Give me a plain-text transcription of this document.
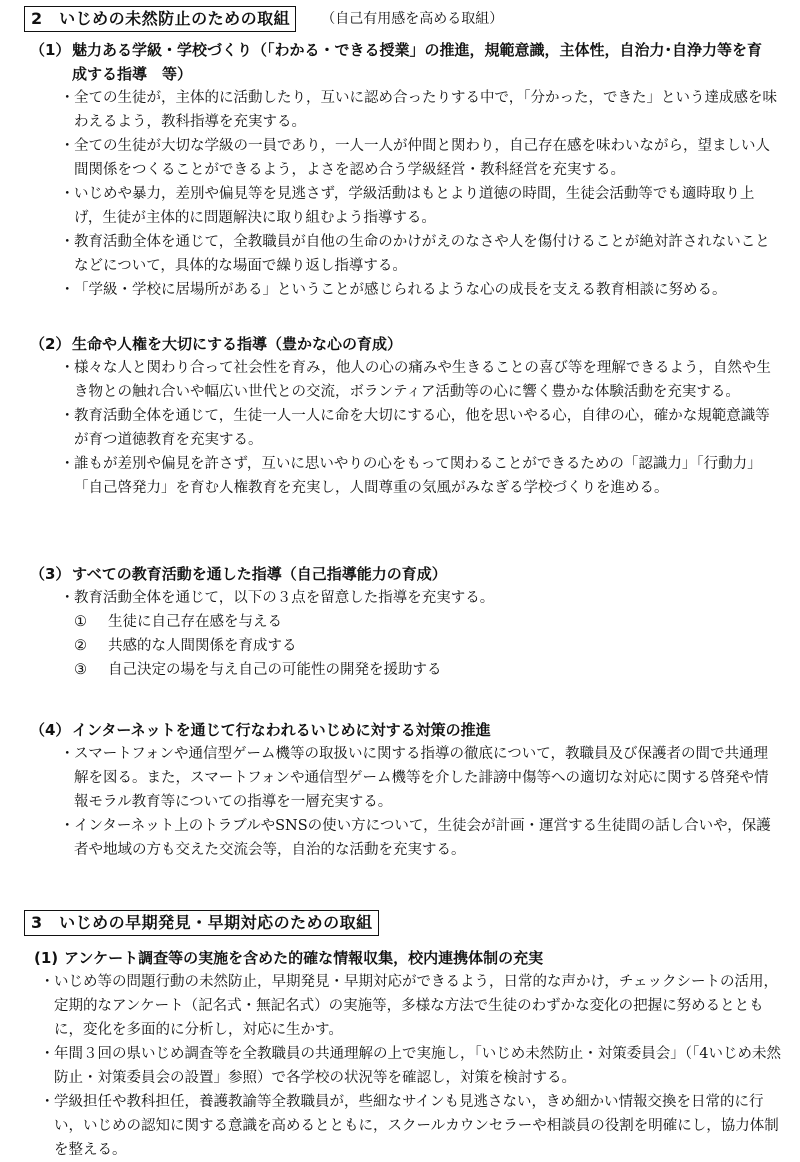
2　いじめの未然防止のための取組 （自己有用感を高める取組）
（1） 魅力ある学級・学校づくり（「わかる・できる授業」の推進，規範意識，主体性，自治力･自浄力等を育成する指導　等）
・ 全ての生徒が，主体的に活動したり，互いに認め合ったりする中で，「分かった，できた」という達成感を味わえるよう，教科指導を充実する。
・ 全ての生徒が大切な学級の一員であり，一人一人が仲間と関わり，自己存在感を味わいながら，望ましい人間関係をつくることができるよう，よさを認め合う学級経営・教科経営を充実する。
・ いじめや暴力，差別や偏見等を見逃さず，学級活動はもとより道徳の時間，生徒会活動等でも適時取り上げ，生徒が主体的に問題解決に取り組むよう指導する。
・ 教育活動全体を通じて，全教職員が自他の生命のかけがえのなさや人を傷付けることが絶対許されないことなどについて，具体的な場面で繰り返し指導する。
・ 「学級・学校に居場所がある」ということが感じられるような心の成長を支える教育相談に努める。
（2） 生命や人権を大切にする指導（豊かな心の育成）
・ 様々な人と関わり合って社会性を育み，他人の心の痛みや生きることの喜び等を理解できるよう，自然や生き物との触れ合いや幅広い世代との交流，ボランティア活動等の心に響く豊かな体験活動を充実する。
・ 教育活動全体を通じて，生徒一人一人に命を大切にする心，他を思いやる心，自律の心，確かな規範意識等が育つ道徳教育を充実する。
・ 誰もが差別や偏見を許さず，互いに思いやりの心をもって関わることができるための「認識力」「行動力」「自己啓発力」を育む人権教育を充実し，人間尊重の気風がみなぎる学校づくりを進める。
（3） すべての教育活動を通した指導（自己指導能力の育成）
・ 教育活動全体を通じて，以下の３点を留意した指導を充実する。
① 生徒に自己存在感を与える
② 共感的な人間関係を育成する
③ 自己決定の場を与え自己の可能性の開発を援助する
（4） インターネットを通じて行なわれるいじめに対する対策の推進
・ スマートフォンや通信型ゲーム機等の取扱いに関する指導の徹底について，教職員及び保護者の間で共通理解を図る。また，スマートフォンや通信型ゲーム機等を介した誹謗中傷等への適切な対応に関する啓発や情報モラル教育等についての指導を一層充実する。
・ インターネット上のトラブルやSNSの使い方について，生徒会が計画・運営する生徒間の話し合いや，保護者や地域の方も交えた交流会等，自治的な活動を充実する。
3　いじめの早期発見・早期対応のための取組
(1) アンケート調査等の実施を含めた的確な情報収集，校内連携体制の充実
・ いじめ等の問題行動の未然防止，早期発見・早期対応ができるよう，日常的な声かけ，チェックシートの活用，定期的なアンケート（記名式・無記名式）の実施等，多様な方法で生徒のわずかな変化の把握に努めるとともに，変化を多面的に分析し，対応に生かす。
・ 年間３回の県いじめ調査等を全教職員の共通理解の上で実施し，「いじめ未然防止・対策委員会」（「4いじめ未然防止・対策委員会の設置」参照）で各学校の状況等を確認し，対策を検討する。
・ 学級担任や教科担任，養護教諭等全教職員が，些細なサインも見逃さない，きめ細かい情報交換を日常的に行い，いじめの認知に関する意識を高めるとともに，スクールカウンセラーや相談員の役割を明確にし，協力体制を整える。
